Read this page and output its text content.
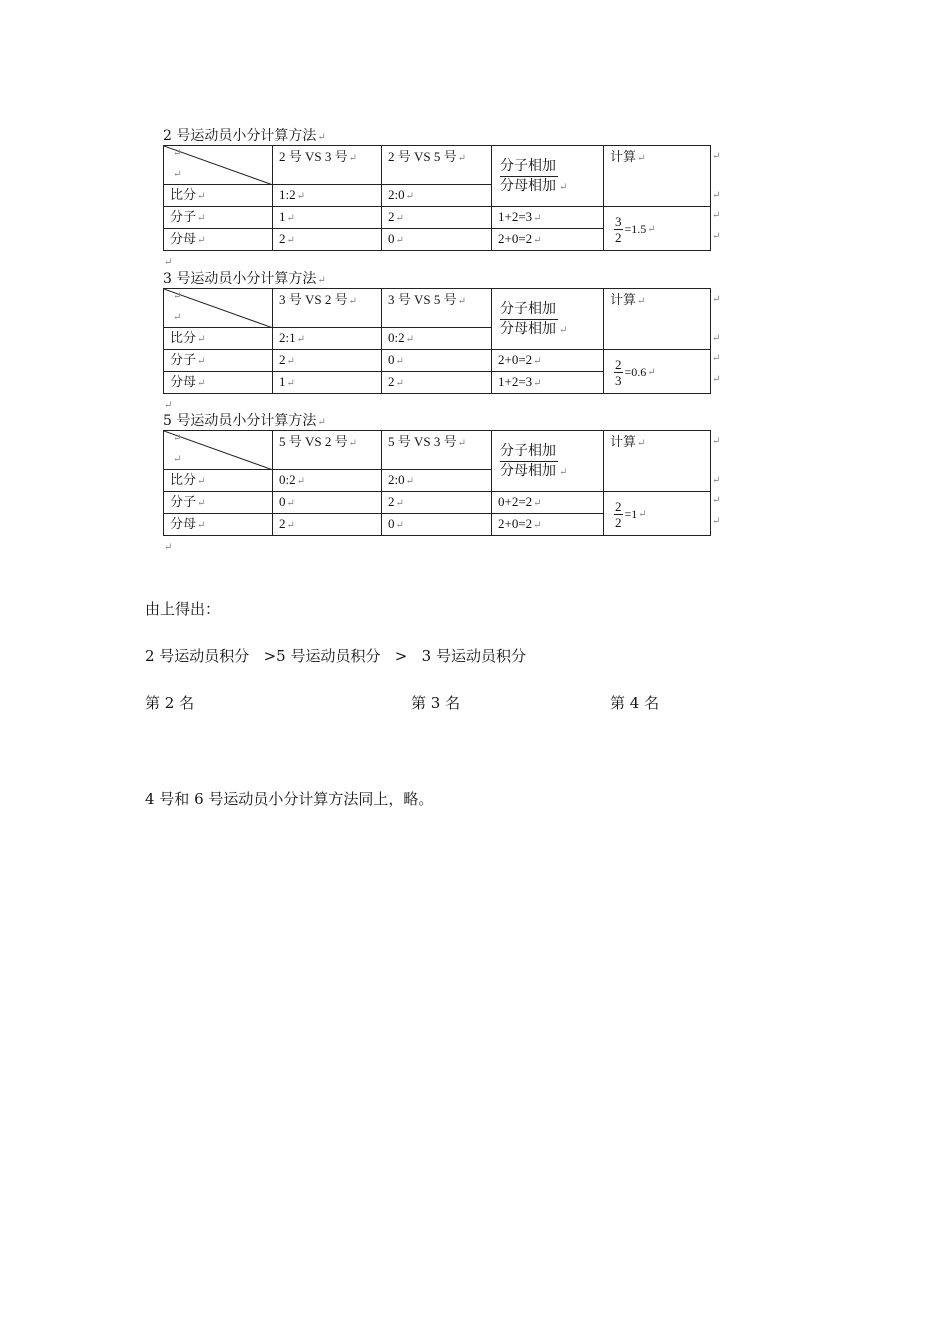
2 号运动员小分计算方法↵
↵
↵	2 号 VS 3 号↵	2 号 VS 5 号↵	$\frac{\text{分子相加}}{\text{分母相加}}$ ↵	计算↵
比分↵	1:2↵	2:0↵		
分子↵	1↵	2↵	1+2=3↵	$\frac{3}{2} =1.5$ ↵

分母↵	2↵	0↵	2+0=2↵	
↵
↵
↵
↵
↵
3 号运动员小分计算方法↵
↵
↵	3 号 VS 2 号↵	3 号 VS 5 号↵	$\frac{\text{分子相加}}{\text{分母相加}}$ ↵	计算↵
比分↵	2:1↵	0:2↵		
分子↵	2↵	0↵	2+0=2↵	$\frac{2}{3} =0.6$ ↵

分母↵	1↵	2↵	1+2=3↵	
↵
↵
↵
↵
↵
5 号运动员小分计算方法↵
↵
↵	5 号 VS 2 号↵	5 号 VS 3 号↵	$\frac{\text{分子相加}}{\text{分母相加}}$ ↵	计算↵
比分↵	0:2↵	2:0↵		
分子↵	0↵	2↵	0+2=2↵	$\frac{2}{2} =1$ ↵

分母↵	2↵	0↵	2+0=2↵	
↵
↵
↵
↵
↵
由上得出：
2 号运动员积分   >5 号运动员积分   >   3 号运动员积分
第 2 名	第 3 名	第 4 名
4 号和 6 号运动员小分计算方法同上，略。
